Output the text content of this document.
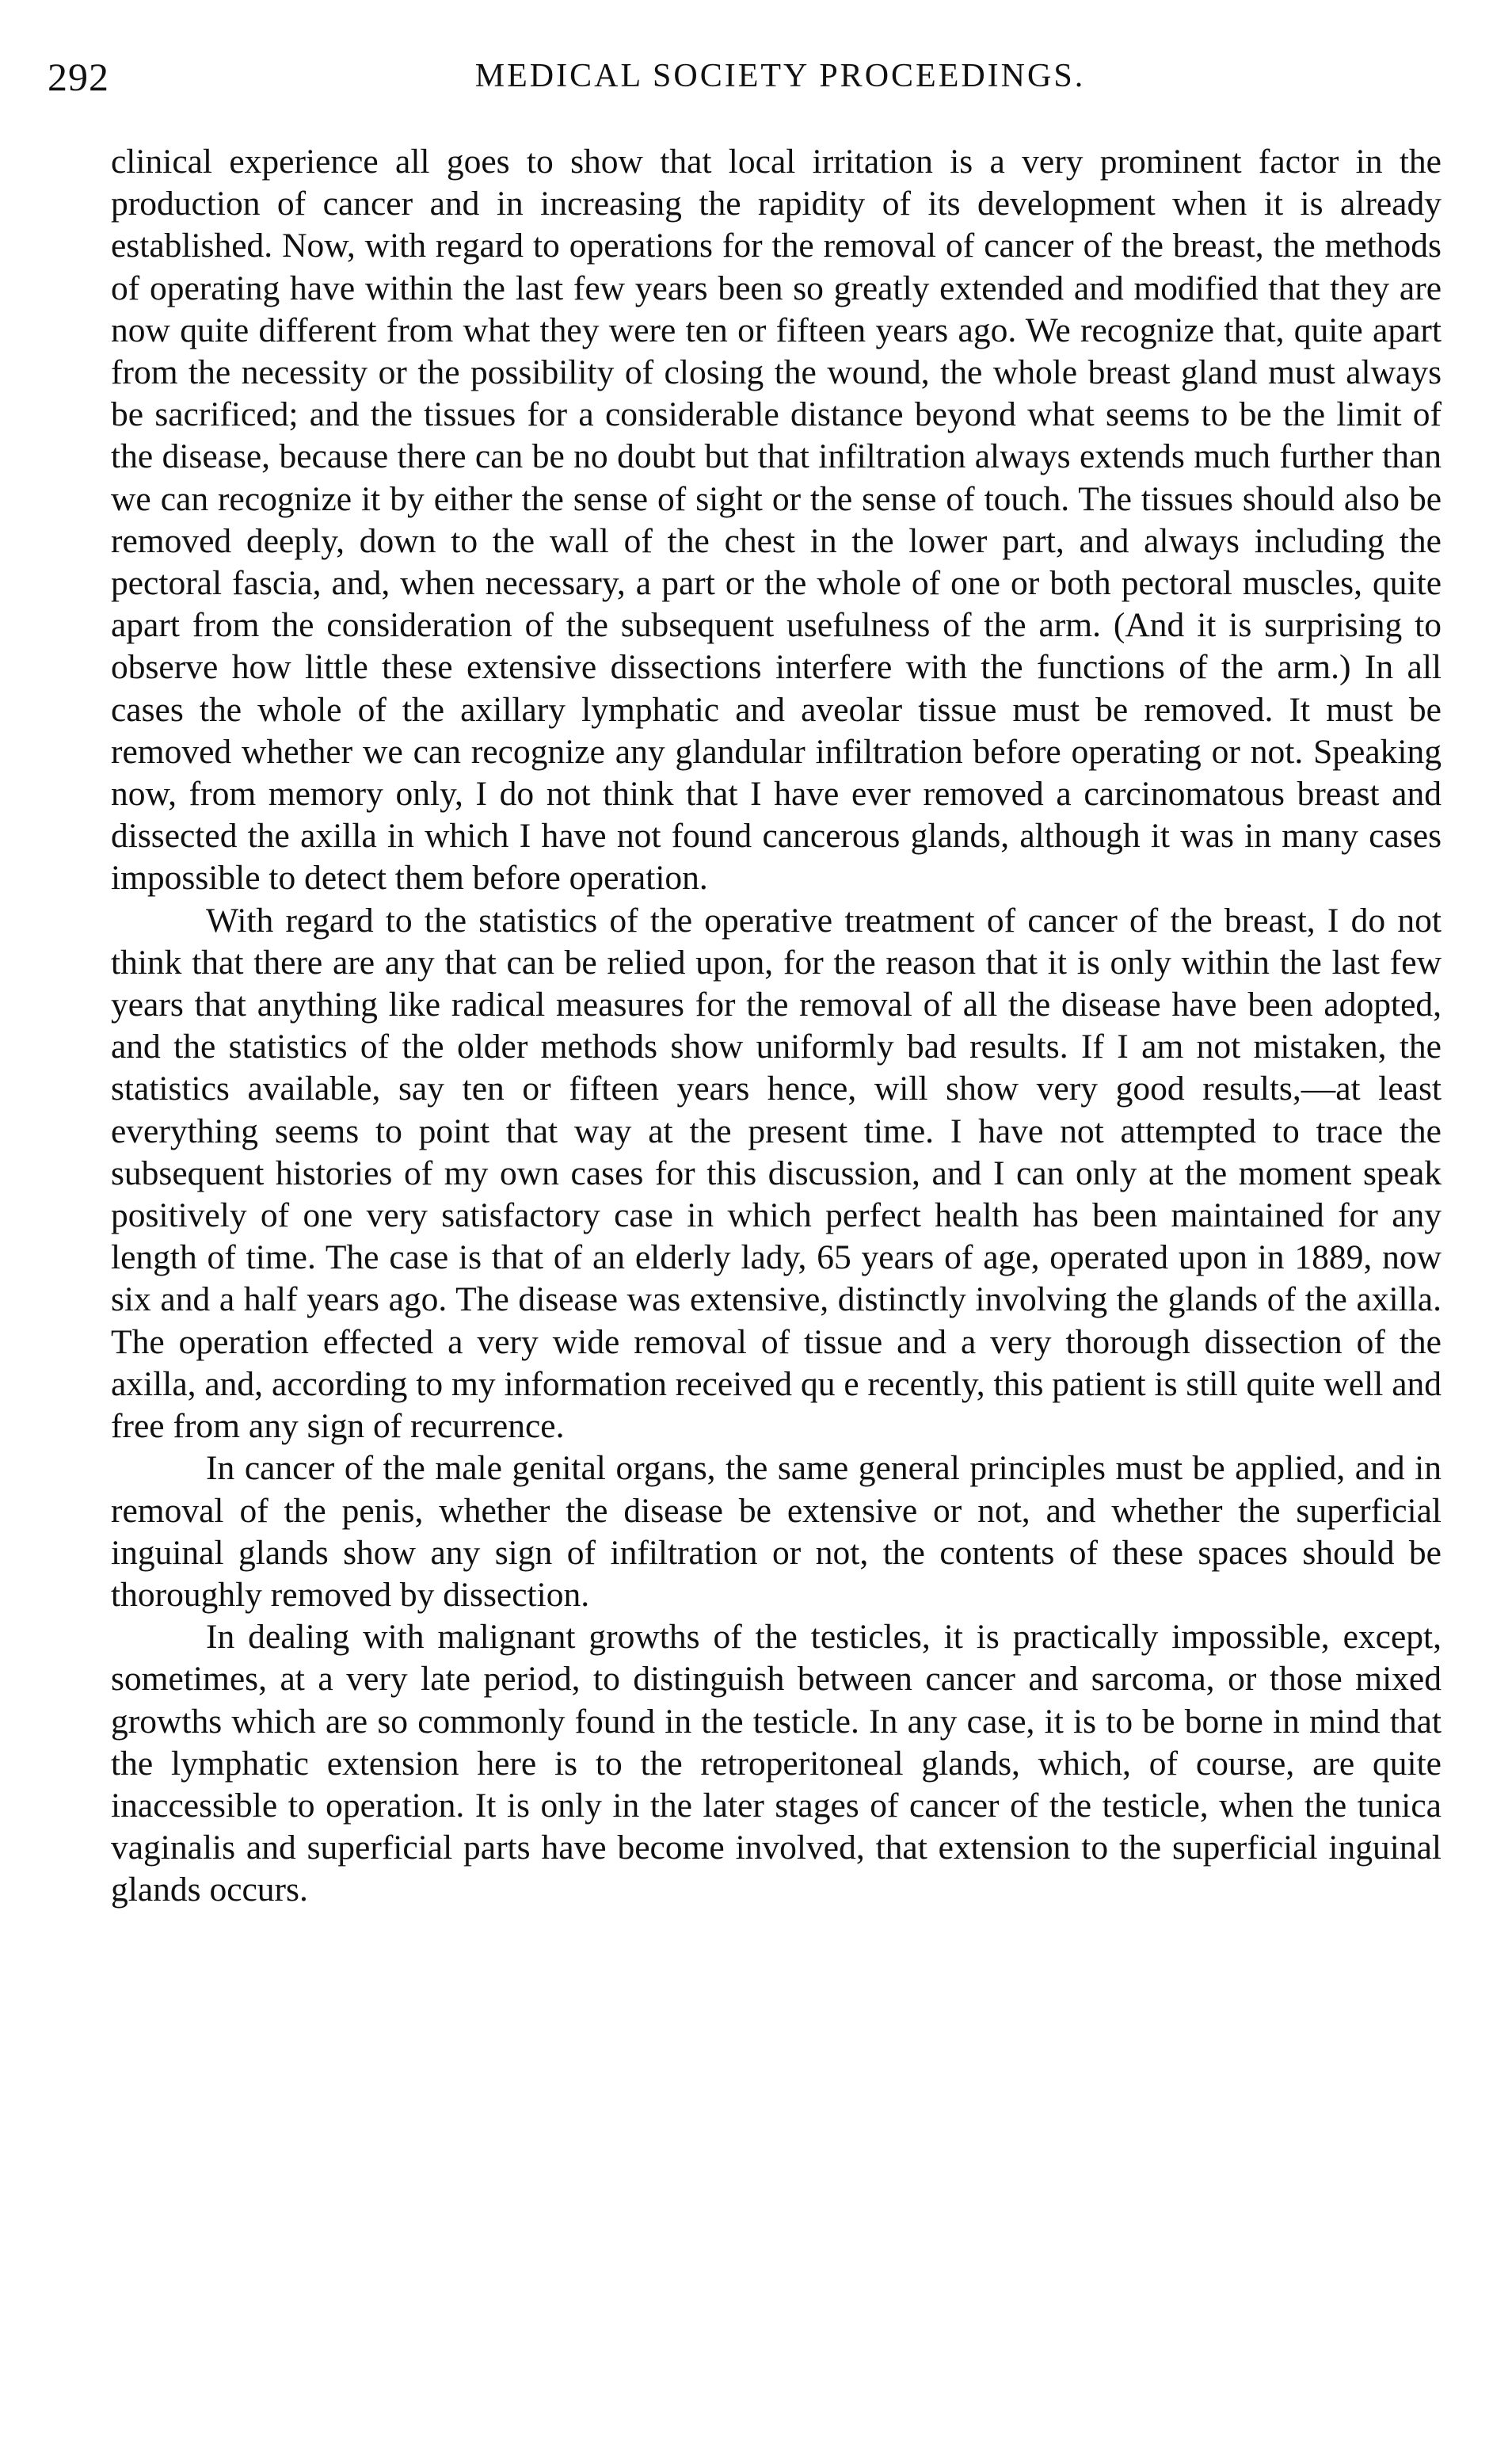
292	MEDICAL SOCIETY PROCEEDINGS.

clinical experience all goes to show that local irritation is a very prominent factor in the production of cancer and in increasing the rapidity of its development when it is already established. Now, with regard to operations for the removal of cancer of the breast, the methods of operating have within the last few years been so greatly extended and modified that they are now quite different from what they were ten or fifteen years ago. We recognize that, quite apart from the necessity or the possibility of closing the wound, the whole breast gland must always be sacrificed; and the tissues for a considerable distance beyond what seems to be the limit of the disease, because there can be no doubt but that infiltration always extends much further than we can recognize it by either the sense of sight or the sense of touch. The tissues should also be removed deeply, down to the wall of the chest in the lower part, and always including the pectoral fascia, and, when necessary, a part or the whole of one or both pectoral muscles, quite apart from the consideration of the subsequent usefulness of the arm. (And it is surprising to observe how little these extensive dissections interfere with the functions of the arm.) In all cases the whole of the axillary lymphatic and aveolar tissue must be removed. It must be removed whether we can recognize any glandular infiltration before operating or not. Speaking now, from memory only, I do not think that I have ever removed a carcinomatous breast and dissected the axilla in which I have not found cancerous glands, although it was in many cases impossible to detect them before operation.

With regard to the statistics of the operative treatment of cancer of the breast, I do not think that there are any that can be relied upon, for the reason that it is only within the last few years that anything like radical measures for the removal of all the disease have been adopted, and the statistics of the older methods show uniformly bad results. If I am not mistaken, the statistics available, say ten or fifteen years hence, will show very good results,—at least everything seems to point that way at the present time. I have not attempted to trace the subsequent histories of my own cases for this discussion, and I can only at the moment speak positively of one very satisfactory case in which perfect health has been maintained for any length of time. The case is that of an elderly lady, 65 years of age, operated upon in 1889, now six and a half years ago. The disease was extensive, distinctly involving the glands of the axilla. The operation effected a very wide removal of tissue and a very thorough dissection of the axilla, and, according to my information received qu e recently, this patient is still quite well and free from any sign of recurrence.

In cancer of the male genital organs, the same general principles must be applied, and in removal of the penis, whether the disease be extensive or not, and whether the superficial inguinal glands show any sign of infiltration or not, the contents of these spaces should be thoroughly removed by dissection.

In dealing with malignant growths of the testicles, it is practically impossible, except, sometimes, at a very late period, to distinguish between cancer and sarcoma, or those mixed growths which are so commonly found in the testicle. In any case, it is to be borne in mind that the lymphatic extension here is to the retroperitoneal glands, which, of course, are quite inaccessible to operation. It is only in the later stages of cancer of the testicle, when the tunica vaginalis and superficial parts have become involved, that extension to the superficial inguinal glands occurs.
